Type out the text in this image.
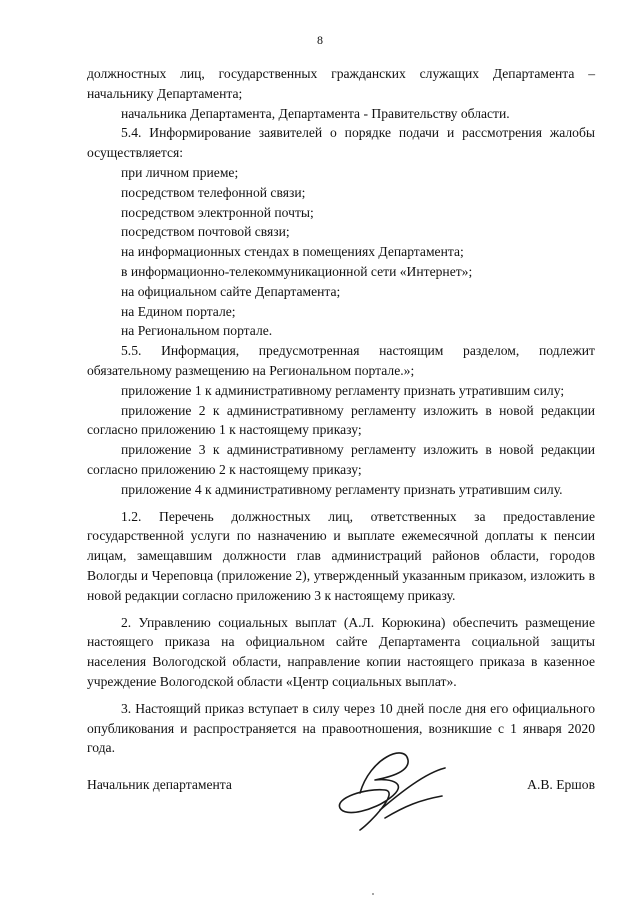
8

должностных лиц, государственных гражданских служащих Департамента – начальнику Департамента;

начальника Департамента, Департамента - Правительству области.

5.4. Информирование заявителей о порядке подачи и рассмотрения жалобы осуществляется:

при личном приеме;

посредством телефонной связи;

посредством электронной почты;

посредством почтовой связи;

на информационных стендах в помещениях Департамента;

в информационно-телекоммуникационной сети «Интернет»;

на официальном сайте Департамента;

на Едином портале;

на Региональном портале.

5.5. Информация, предусмотренная настоящим разделом, подлежит обязательному размещению на Региональном портале.»;

приложение 1 к административному регламенту признать утратившим силу;

приложение 2 к административному регламенту изложить в новой редакции согласно приложению 1 к настоящему приказу;

приложение 3 к административному регламенту изложить в новой редакции согласно приложению 2 к настоящему приказу;

приложение 4 к административному регламенту признать утратившим силу.

1.2. Перечень должностных лиц, ответственных за предоставление государственной услуги по назначению и выплате ежемесячной доплаты к пенсии лицам, замещавшим должности глав администраций районов области, городов Вологды и Череповца (приложение 2), утвержденный указанным приказом, изложить в новой редакции согласно приложению 3 к настоящему приказу.

2. Управлению социальных выплат (А.Л. Корюкина) обеспечить размещение настоящего приказа на официальном сайте Департамента социальной защиты населения Вологодской области, направление копии настоящего приказа в казенное учреждение Вологодской области «Центр социальных выплат».

3. Настоящий приказ вступает в силу через 10 дней после дня его официального опубликования и распространяется на правоотношения, возникшие с 1 января 2020 года.

Начальник департамента	А.В. Ершов
